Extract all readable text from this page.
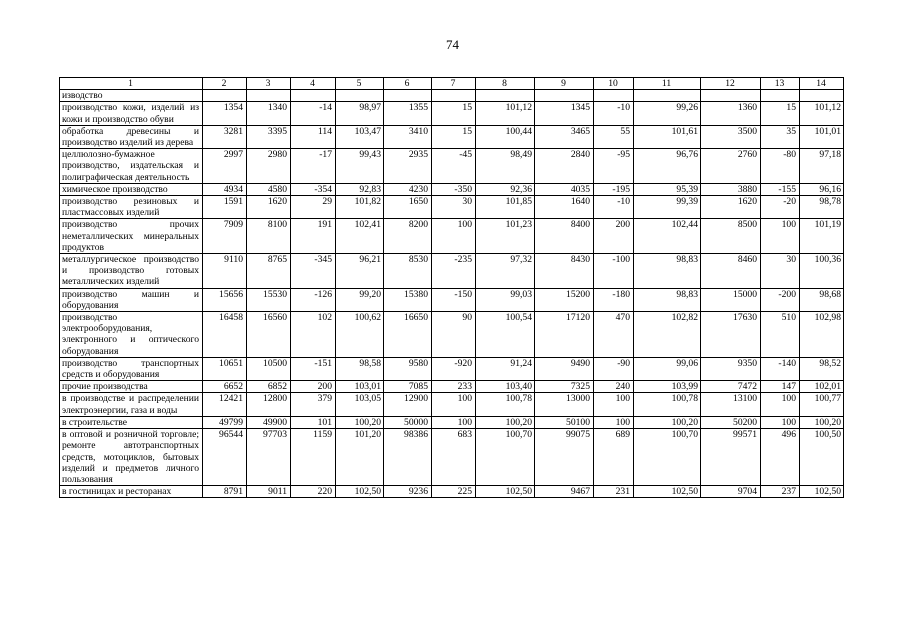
74
1	2	3	4	5	6	7	8	9	10	11	12	13	14
изводство													
производство кожи, изделий из кожи и производство обуви	1354	1340	-14	98,97	1355	15	101,12	1345	-10	99,26	1360	15	101,12
обработка древесины и производство изделий из дерева	3281	3395	114	103,47	3410	15	100,44	3465	55	101,61	3500	35	101,01
целлюлозно-бумажное производство, издательская и полиграфическая деятельность	2997	2980	-17	99,43	2935	-45	98,49	2840	-95	96,76	2760	-80	97,18
химическое производство	4934	4580	-354	92,83	4230	-350	92,36	4035	-195	95,39	3880	-155	96,16
производство резиновых и пластмассовых изделий	1591	1620	29	101,82	1650	30	101,85	1640	-10	99,39	1620	-20	98,78
производство прочих неметаллических минеральных продуктов	7909	8100	191	102,41	8200	100	101,23	8400	200	102,44	8500	100	101,19
металлургическое производство и производство готовых металлических изделий	9110	8765	-345	96,21	8530	-235	97,32	8430	-100	98,83	8460	30	100,36
производство машин и оборудования	15656	15530	-126	99,20	15380	-150	99,03	15200	-180	98,83	15000	-200	98,68
производство электрооборудования, электронного и оптического оборудования	16458	16560	102	100,62	16650	90	100,54	17120	470	102,82	17630	510	102,98
производство транспортных средств и оборудования	10651	10500	-151	98,58	9580	-920	91,24	9490	-90	99,06	9350	-140	98,52
прочие производства	6652	6852	200	103,01	7085	233	103,40	7325	240	103,99	7472	147	102,01
в производстве и распределении электроэнергии, газа и воды	12421	12800	379	103,05	12900	100	100,78	13000	100	100,78	13100	100	100,77
в строительстве	49799	49900	101	100,20	50000	100	100,20	50100	100	100,20	50200	100	100,20
в оптовой и розничной торговле; ремонте автотранспортных средств, мотоциклов, бытовых изделий и предметов личного пользования	96544	97703	1159	101,20	98386	683	100,70	99075	689	100,70	99571	496	100,50
в гостиницах и ресторанах	8791	9011	220	102,50	9236	225	102,50	9467	231	102,50	9704	237	102,50
